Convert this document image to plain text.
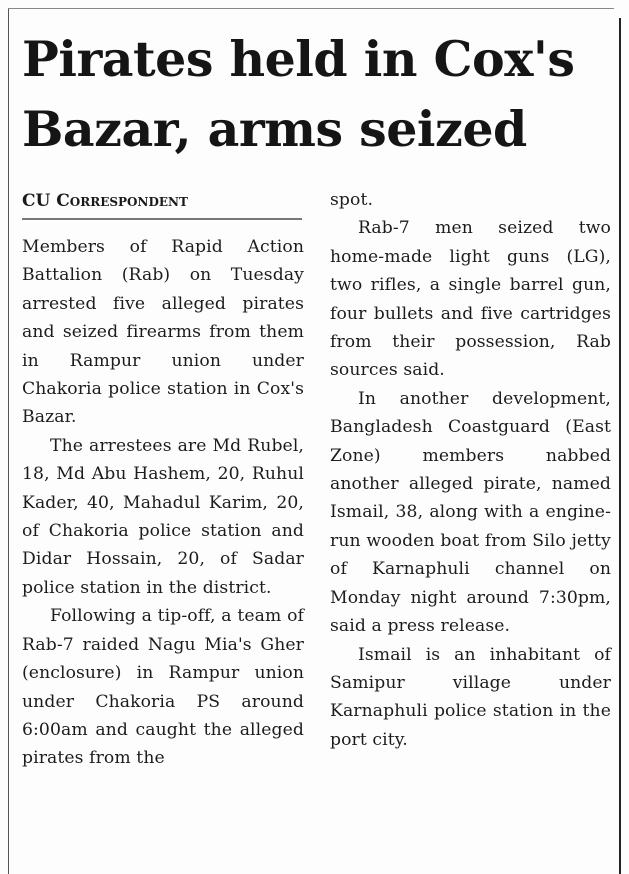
Pirates held in Cox's
Bazar, arms seized
CU Correspondent

Members of Rapid Action Battalion (Rab) on Tuesday arrested five alleged pirates and seized firearms from them in Rampur union under Chakoria police station in Cox's Bazar.

The arrestees are Md Rubel, 18, Md Abu Hashem, 20, Ruhul Kader, 40, Mahadul Karim, 20, of Chakoria police station and Didar Hossain, 20, of Sadar police station in the district.

Following a tip-off, a team of Rab-7 raided Nagu Mia's Gher (enclosure) in Rampur union under Chakoria PS around 6:00am and caught the alleged pirates from the

spot.

Rab-7 men seized two home-made light guns (LG), two rifles, a single barrel gun, four bullets and five cartridges from their possession, Rab sources said.

In another development, Bangladesh Coastguard (East Zone) members nabbed another alleged pirate, named Ismail, 38, along with a engine-run wooden boat from Silo jetty of Karnaphuli channel on Monday night around 7:30pm, said a press release.

Ismail is an inhabitant of Samipur village under Karnaphuli police station in the port city.
